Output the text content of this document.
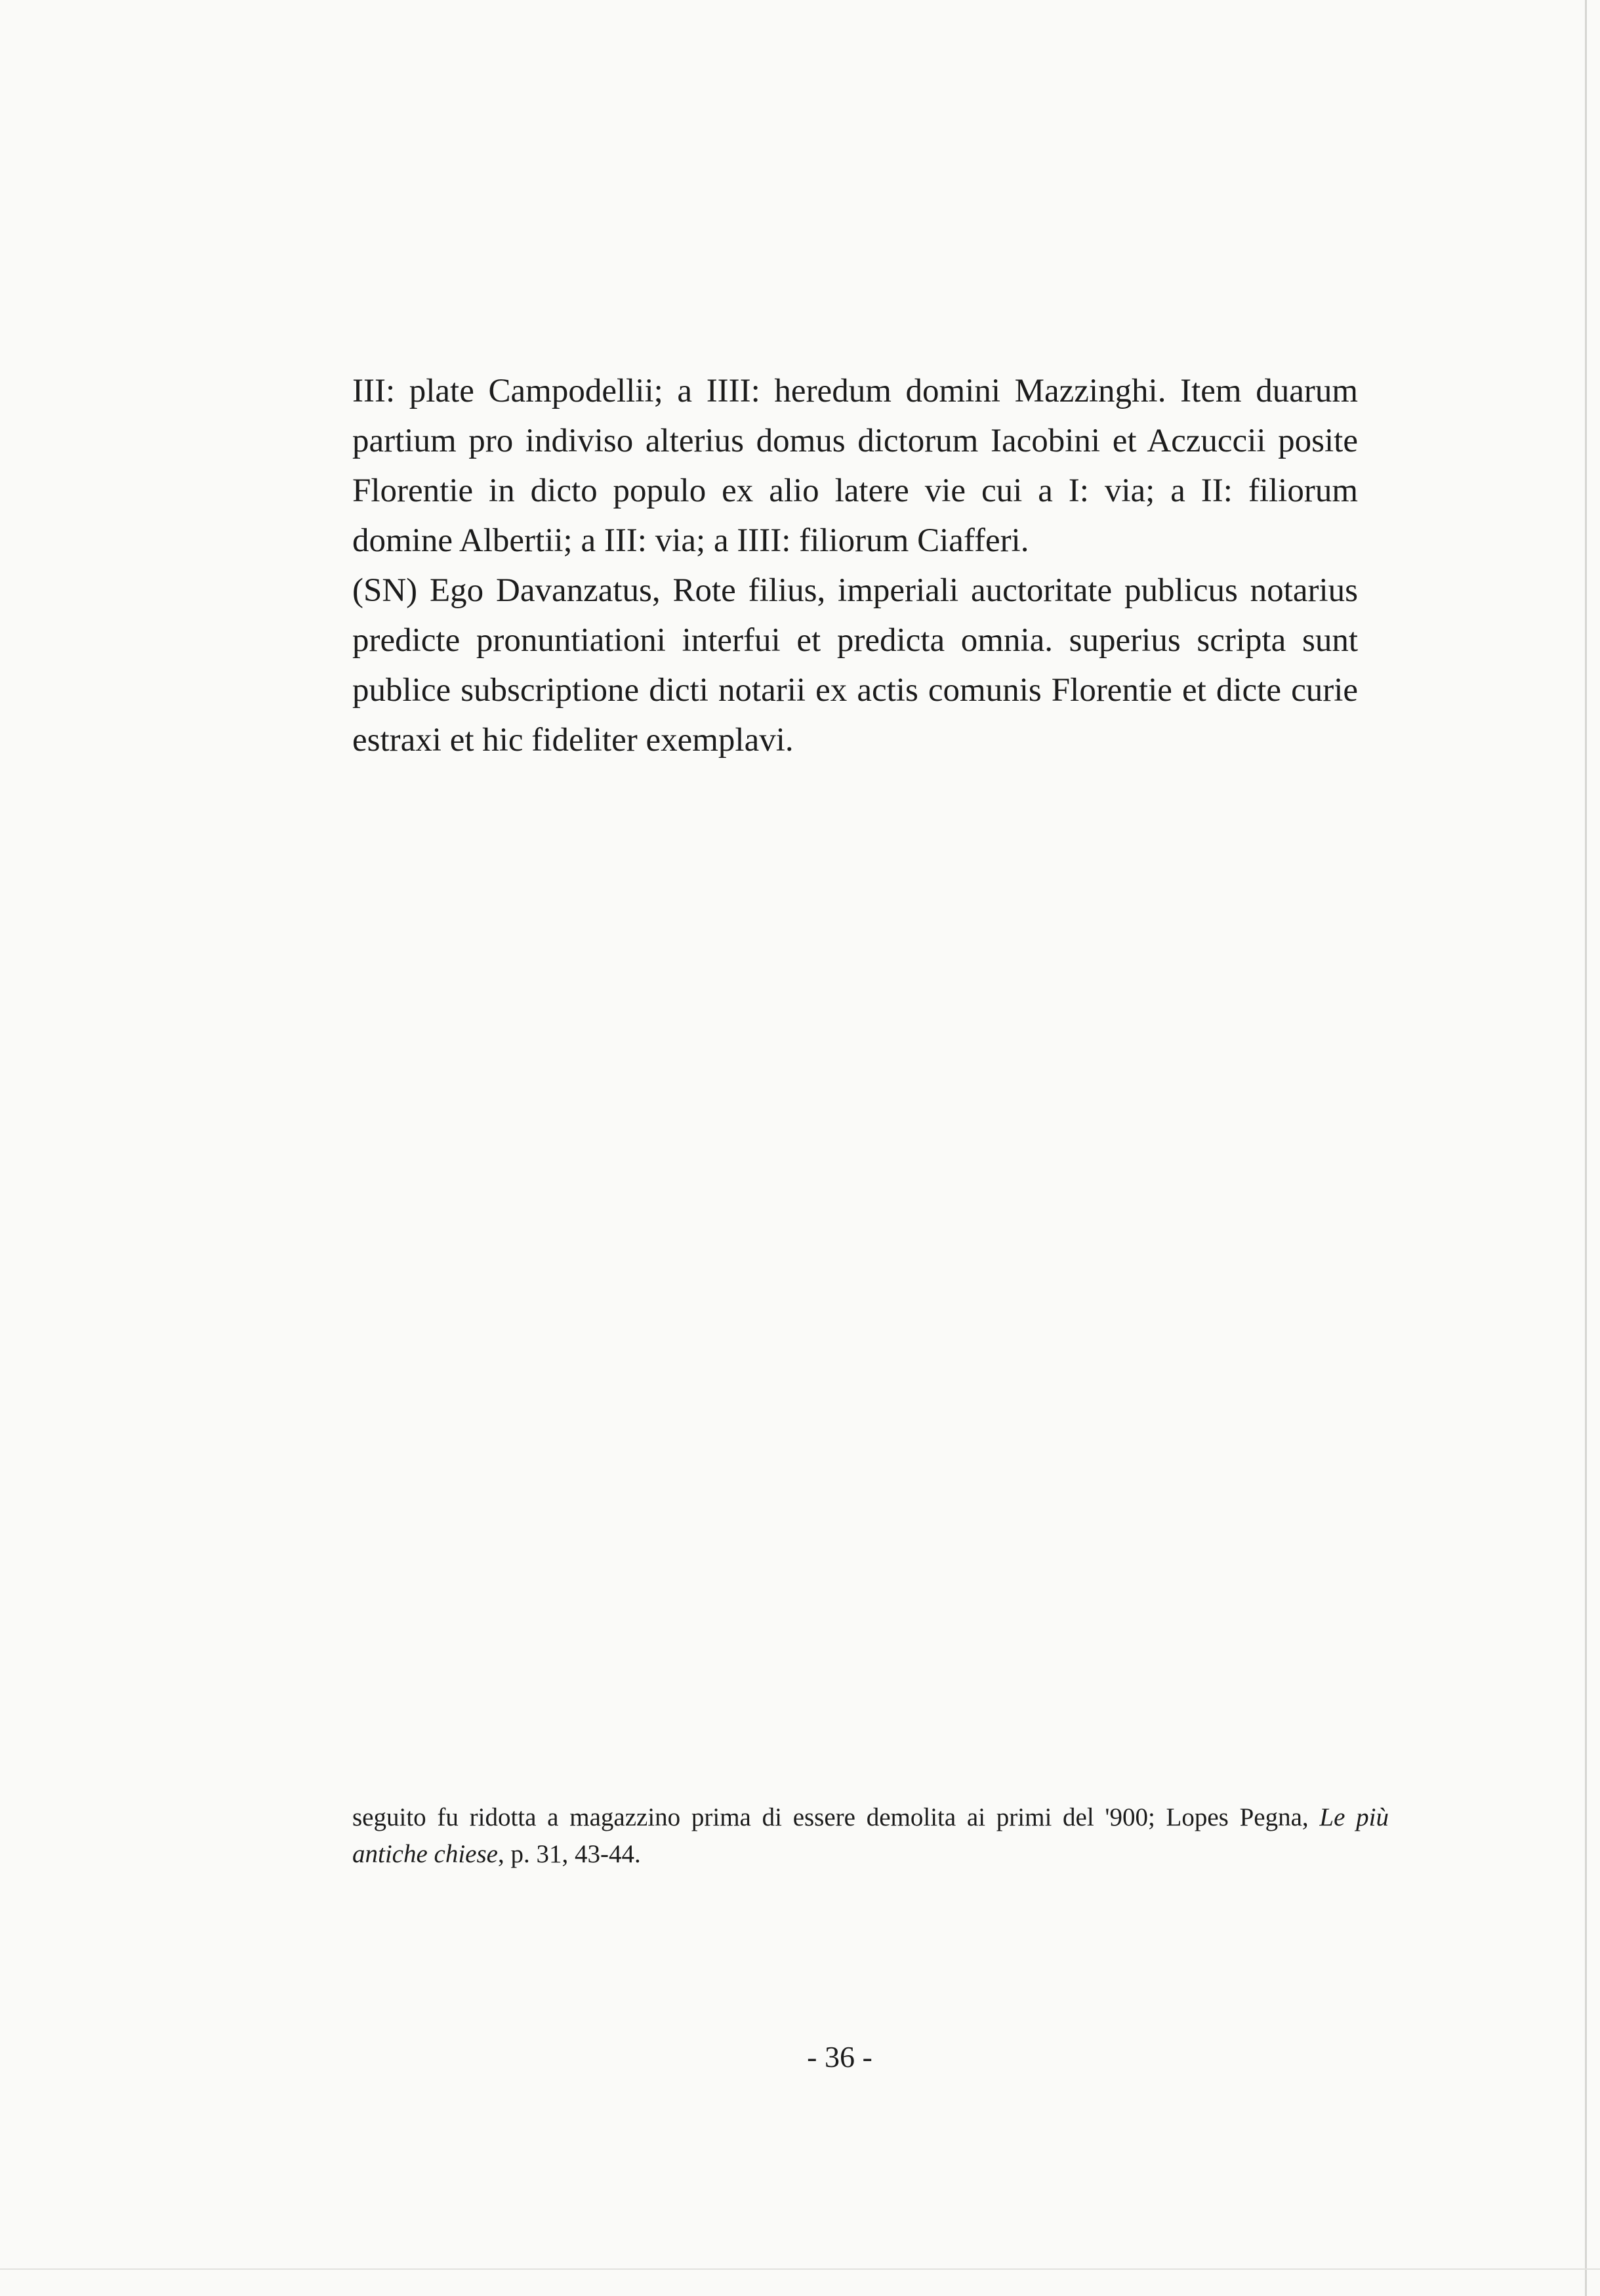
III: plate Campodellii; a IIII: heredum domini Mazzinghi. Item duarum partium pro indiviso alterius domus dictorum Iacobini et Aczuccii posite Florentie in dicto populo ex alio latere vie cui a I: via; a II: filiorum domine Albertii; a III: via; a IIII: filiorum Ciafferi.

(SN) Ego Davanzatus, Rote filius, imperiali auctoritate publicus notarius predicte pronuntiationi interfui et predicta omnia. superius scripta sunt publice subscriptione dicti notarii ex actis comunis Florentie et dicte curie estraxi et hic fideliter exemplavi.

seguito fu ridotta a magazzino prima di essere demolita ai primi del '900; Lopes Pegna, Le più antiche chiese, p. 31, 43-44.

- 36 -
